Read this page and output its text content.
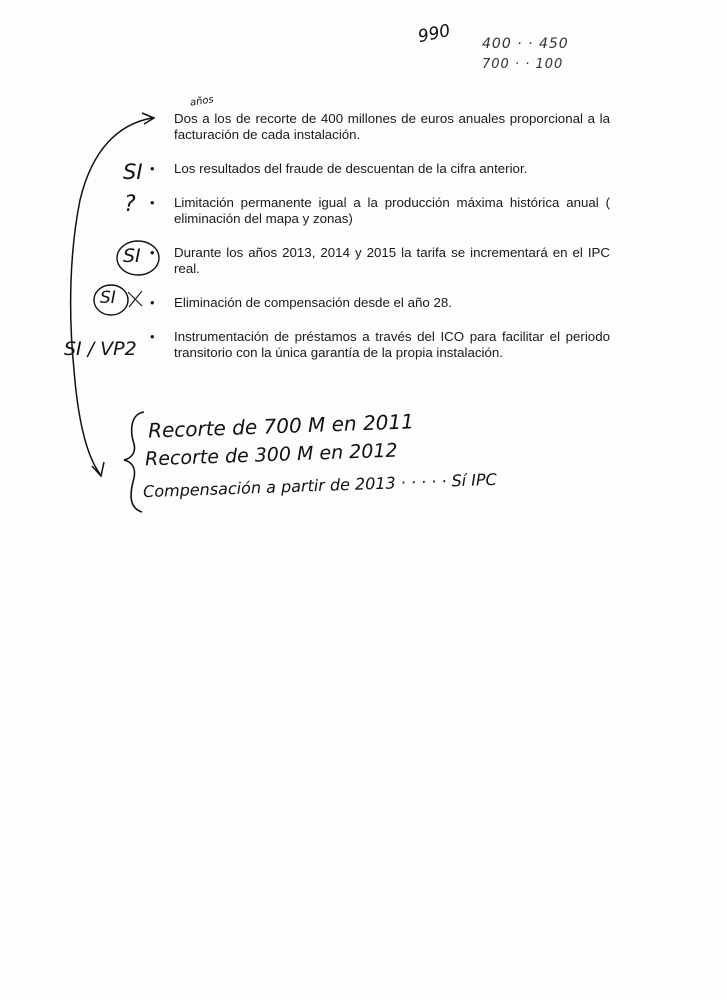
990 400 · · 450
700 · · 100
Dos a los de recorte de 400 millones de euros anuales proporcional a la facturación de cada instalación.
• Los resultados del fraude de descuentan de la cifra anterior.
• Limitación permanente igual a la producción máxima histórica anual ( eliminación del mapa y zonas)
• Durante los años 2013, 2014 y 2015 la tarifa se incrementará en el IPC real.
• Eliminación de compensación desde el año 28.
• Instrumentación de préstamos a través del ICO para facilitar el periodo transitorio con la única garantía de la propia instalación.
años
SI
?
SI
SI
SI / VP2
Recorte de 700 M en 2011
Recorte de 300 M en 2012
Compensación a partir de 2013 · · · · · Sí IPC
